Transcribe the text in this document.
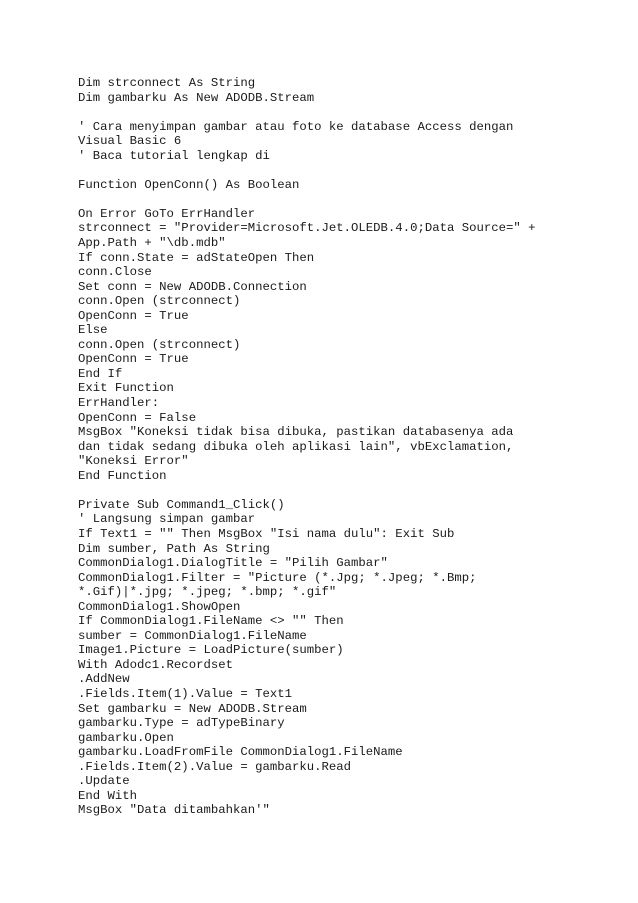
Dim strconnect As String
Dim gambarku As New ADODB.Stream
' Cara menyimpan gambar atau foto ke database Access dengan
Visual Basic 6
' Baca tutorial lengkap di
Function OpenConn() As Boolean
On Error GoTo ErrHandler
strconnect = "Provider=Microsoft.Jet.OLEDB.4.0;Data Source=" +
App.Path + "\db.mdb"
If conn.State = adStateOpen Then
conn.Close
Set conn = New ADODB.Connection
conn.Open (strconnect)
OpenConn = True
Else
conn.Open (strconnect)
OpenConn = True
End If
Exit Function
ErrHandler:
OpenConn = False
MsgBox "Koneksi tidak bisa dibuka, pastikan databasenya ada
dan tidak sedang dibuka oleh aplikasi lain", vbExclamation,
"Koneksi Error"
End Function
Private Sub Command1_Click()
' Langsung simpan gambar
If Text1 = "" Then MsgBox "Isi nama dulu": Exit Sub
Dim sumber, Path As String
CommonDialog1.DialogTitle = "Pilih Gambar"
CommonDialog1.Filter = "Picture (*.Jpg; *.Jpeg; *.Bmp;
*.Gif)|*.jpg; *.jpeg; *.bmp; *.gif"
CommonDialog1.ShowOpen
If CommonDialog1.FileName <> "" Then
sumber = CommonDialog1.FileName
Image1.Picture = LoadPicture(sumber)
With Adodc1.Recordset
.AddNew
.Fields.Item(1).Value = Text1
Set gambarku = New ADODB.Stream
gambarku.Type = adTypeBinary
gambarku.Open
gambarku.LoadFromFile CommonDialog1.FileName
.Fields.Item(2).Value = gambarku.Read
.Update
End With
MsgBox "Data ditambahkan'"
